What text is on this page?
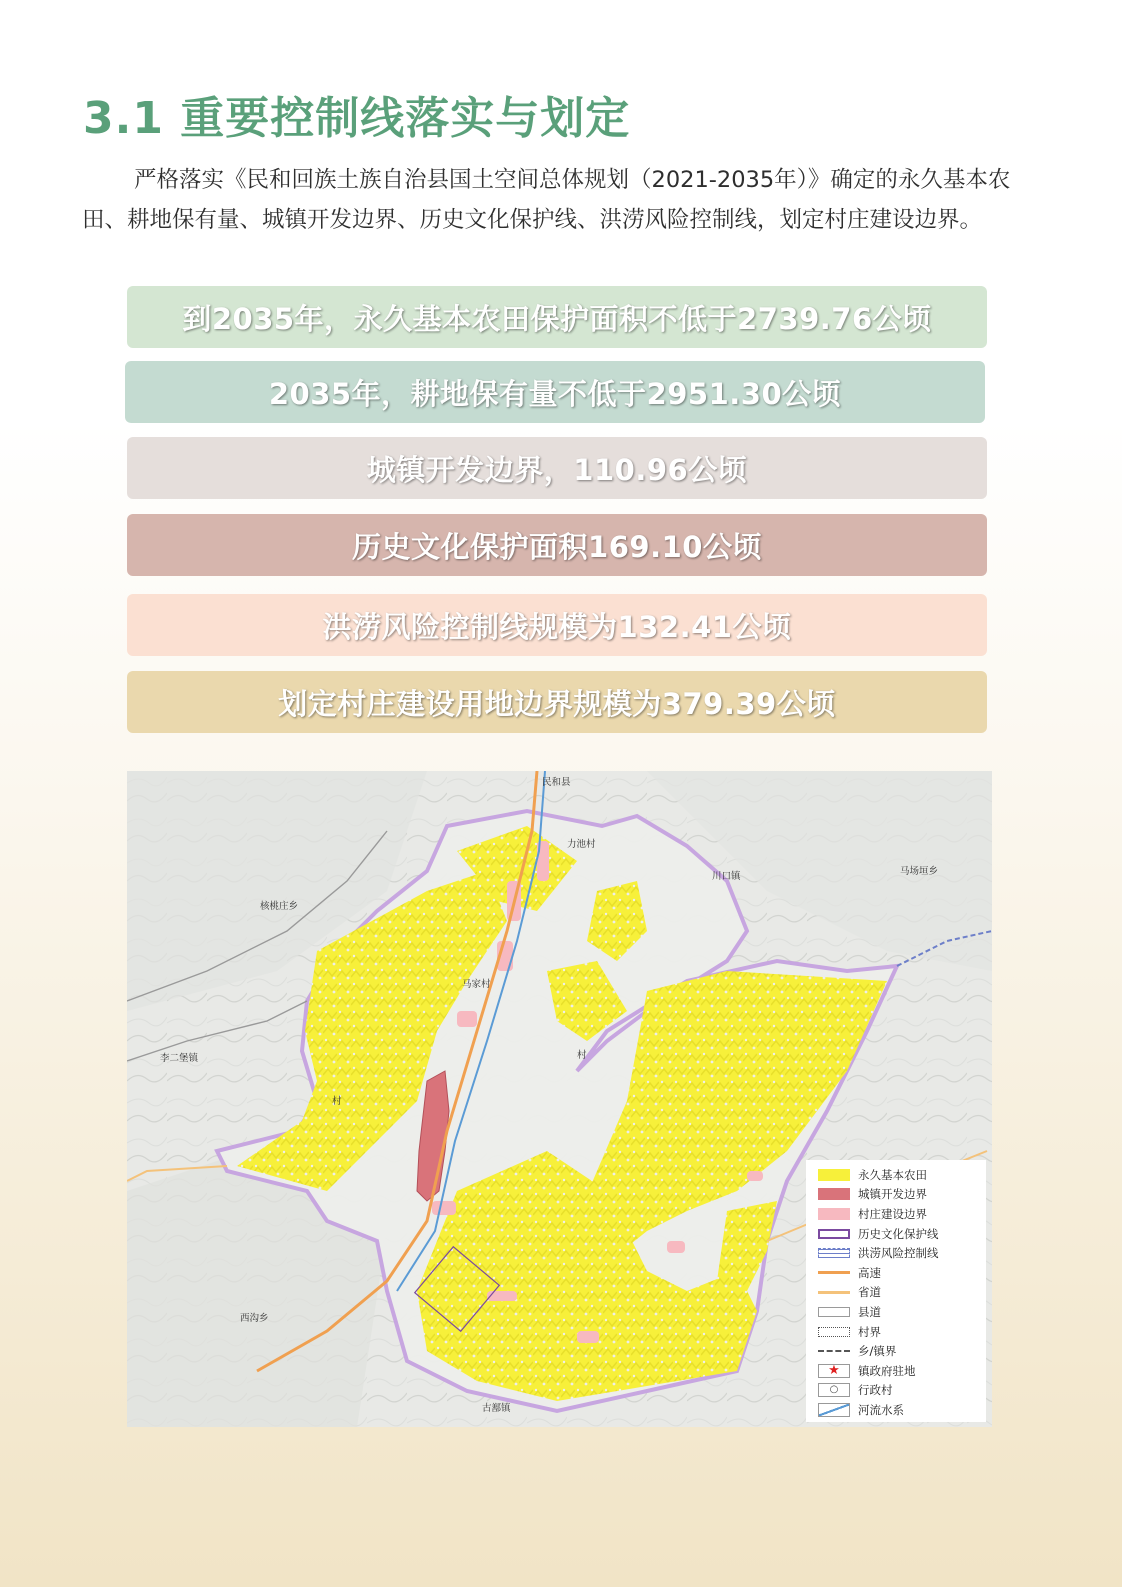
3.1 重要控制线落实与划定

严格落实《民和回族土族自治县国土空间总体规划（2021-2035年）》确定的永久基本农田、耕地保有量、城镇开发边界、历史文化保护线、洪涝风险控制线，划定村庄建设边界。

到2035年，永久基本农田保护面积不低于2739.76公顷
2035年，耕地保有量不低于2951.30公顷
城镇开发边界，110.96公顷
历史文化保护面积169.10公顷
洪涝风险控制线规模为132.41公顷
划定村庄建设用地边界规模为379.39公顷
民和县
川口镇	马场垣乡
核桃庄乡
李二堡镇
西沟乡
古鄯镇
力池村
马家村
村
村
永久基本农田
城镇开发边界
村庄建设边界
历史文化保护线
洪涝风险控制线
高速
省道
县道
村界
乡/镇界
★	镇政府驻地
○	行政村
河流水系
